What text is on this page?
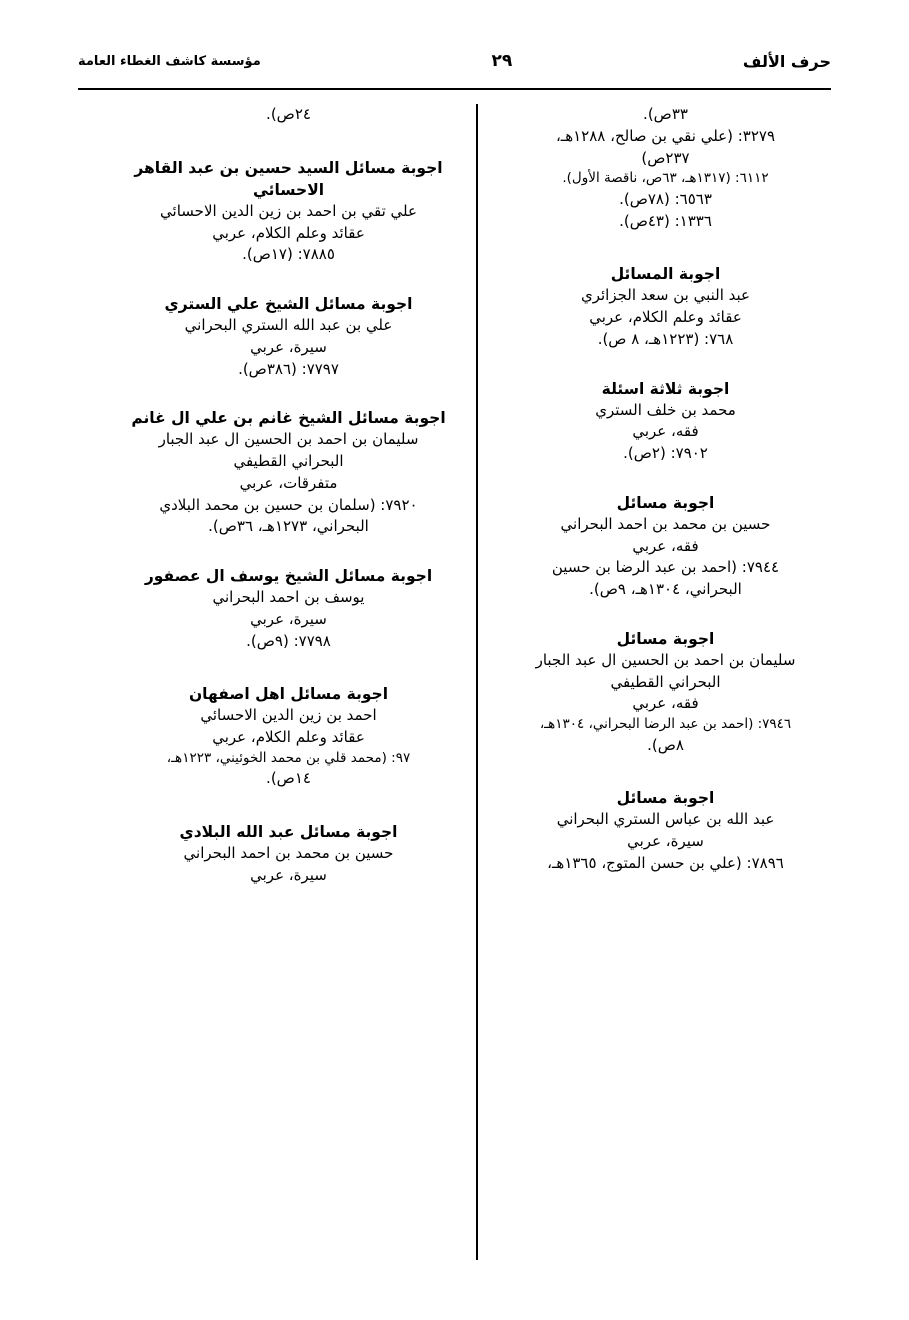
حرف الألف
٢٩
مؤسسة كاشف الغطاء العامة
٣٣ص).
٣٢٧٩: (علي نقي بن صالح، ١٢٨٨هـ،
٢٣٧ص)
٦١١٢: (١٣١٧هـ، ٦٣ص، ناقصة الأول).
٦٥٦٣: (٧٨ص).
١٣٣٦: (٤٣ص).
اجوبة المسائل
عبد النبي بن سعد الجزائري
عقائد وعلم الكلام، عربي
٧٦٨: (١٢٢٣هـ، ٨ ص).
اجوبة ثلاثة اسئلة
محمد بن خلف الستري
فقه، عربي
٧٩٠٢: (٢ص).
اجوبة مسائل
حسين بن محمد بن احمد البحراني
فقه، عربي
٧٩٤٤: (احمد بن عبد الرضا بن حسين
البحراني، ١٣٠٤هـ، ٩ص).
اجوبة مسائل
سليمان بن احمد بن الحسين ال عبد الجبار
البحراني القطيفي
فقه، عربي
٧٩٤٦: (احمد بن عبد الرضا البحراني، ١٣٠٤هـ،
٨ص).
اجوبة مسائل
عبد الله بن عباس الستري البحراني
سيرة، عربي
٧٨٩٦: (علي بن حسن المتوج، ١٣٦٥هـ،
٢٤ص).
اجوبة مسائل السيد حسين بن عبد القاهر الاحسائي
علي تقي بن احمد بن زين الدين الاحسائي
عقائد وعلم الكلام، عربي
٧٨٨٥: (١٧ص).
اجوبة مسائل الشيخ علي الستري
علي بن عبد الله الستري البحراني
سيرة، عربي
٧٧٩٧: (٣٨٦ص).
اجوبة مسائل الشيخ غانم بن علي ال غانم
سليمان بن احمد بن الحسين ال عبد الجبار
البحراني القطيفي
متفرقات، عربي
٧٩٢٠: (سلمان بن حسين بن محمد البلادي
البحراني، ١٢٧٣هـ، ٣٦ص).
اجوبة مسائل الشيخ يوسف ال عصفور
يوسف بن احمد البحراني
سيرة، عربي
٧٧٩٨: (٩ص).
اجوبة مسائل اهل اصفهان
احمد بن زين الدين الاحسائي
عقائد وعلم الكلام، عربي
٩٧: (محمد قلي بن محمد الخوئيني، ١٢٢٣هـ،
١٤ص).
اجوبة مسائل عبد الله البلادي
حسين بن محمد بن احمد البحراني
سيرة، عربي
